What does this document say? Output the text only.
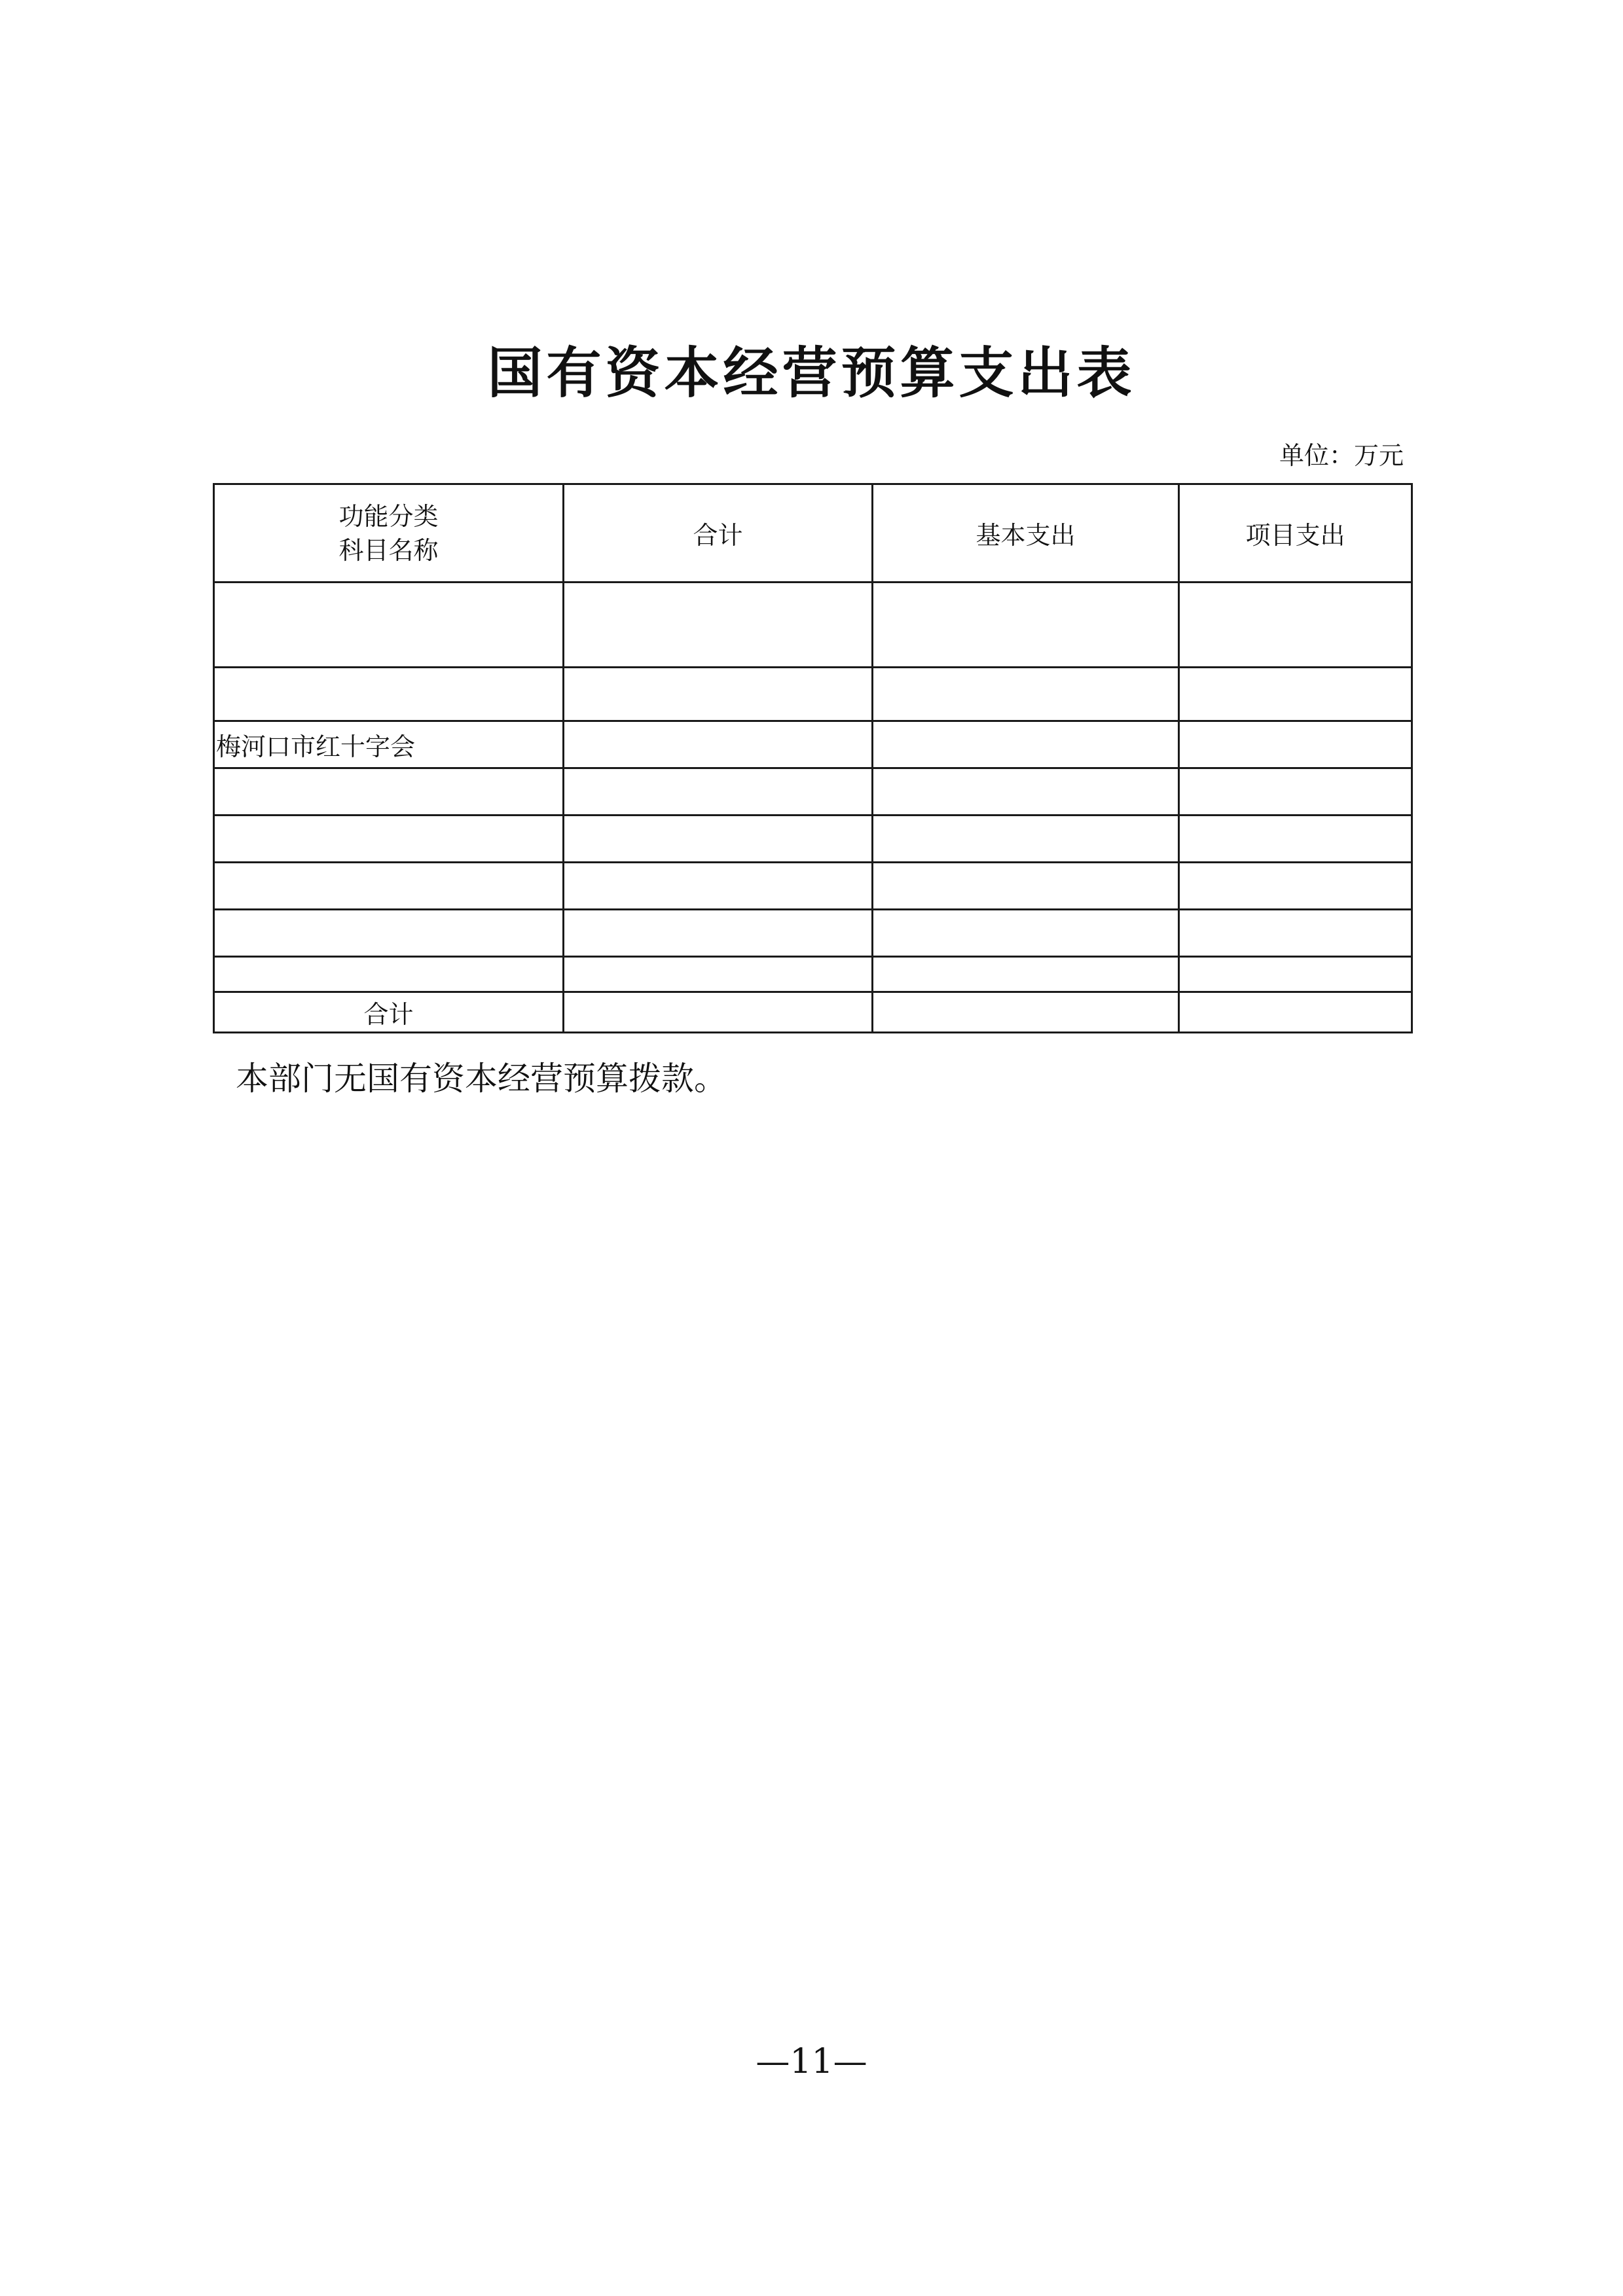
国有资本经营预算支出表
单位：万元
功能分类
科目名称	合计	基本支出	项目支出

梅河口市红十字会			

合计			
本部门无国有资本经营预算拨款。
—11—
